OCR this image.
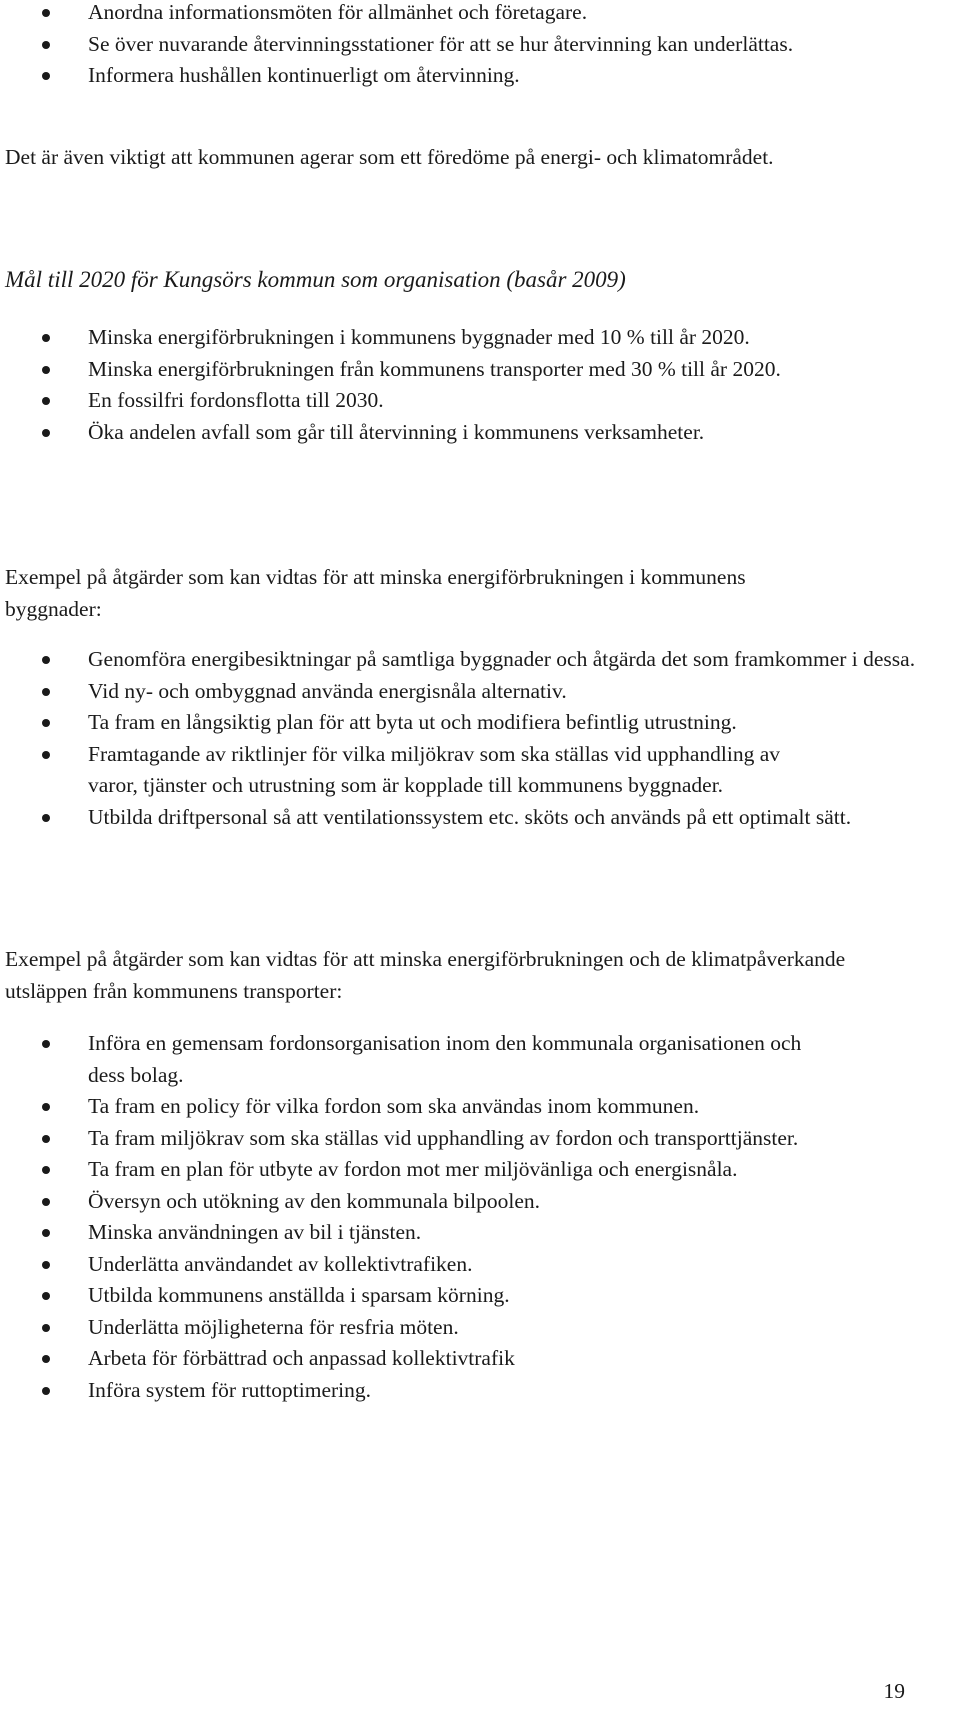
Anordna informationsmöten för allmänhet och företagare.
Se över nuvarande återvinningsstationer för att se hur återvinning kan underlättas.
Informera hushållen kontinuerligt om återvinning.

Det är även viktigt att kommunen agerar som ett föredöme på energi- och klimatområdet.

Mål till 2020 för Kungsörs kommun som organisation (basår 2009)
Minska energiförbrukningen i kommunens byggnader med 10 % till år 2020.
Minska energiförbrukningen från kommunens transporter med 30 % till år 2020.
En fossilfri fordonsflotta till 2030.
Öka andelen avfall som går till återvinning i kommunens verksamheter.

Exempel på åtgärder som kan vidtas för att minska energiförbrukningen i kommunens byggnader:

Genomföra energibesiktningar på samtliga byggnader och åtgärda det som framkommer i dessa.
Vid ny- och ombyggnad använda energisnåla alternativ.
Ta fram en långsiktig plan för att byta ut och modifiera befintlig utrustning.
Framtagande av riktlinjer för vilka miljökrav som ska ställas vid upphandling av varor, tjänster och utrustning som är kopplade till kommunens byggnader.
Utbilda driftpersonal så att ventilationssystem etc. sköts och används på ett optimalt sätt.

Exempel på åtgärder som kan vidtas för att minska energiförbrukningen och de klimatpåverkande utsläppen från kommunens transporter:

Införa en gemensam fordonsorganisation inom den kommunala organisationen och dess bolag.
Ta fram en policy för vilka fordon som ska användas inom kommunen.
Ta fram miljökrav som ska ställas vid upphandling av fordon och transporttjänster.
Ta fram en plan för utbyte av fordon mot mer miljövänliga och energisnåla.
Översyn och utökning av den kommunala bilpoolen.
Minska användningen av bil i tjänsten.
Underlätta användandet av kollektivtrafiken.
Utbilda kommunens anställda i sparsam körning.
Underlätta möjligheterna för resfria möten.
Arbeta för förbättrad och anpassad kollektivtrafik
Införa system för ruttoptimering.
19
